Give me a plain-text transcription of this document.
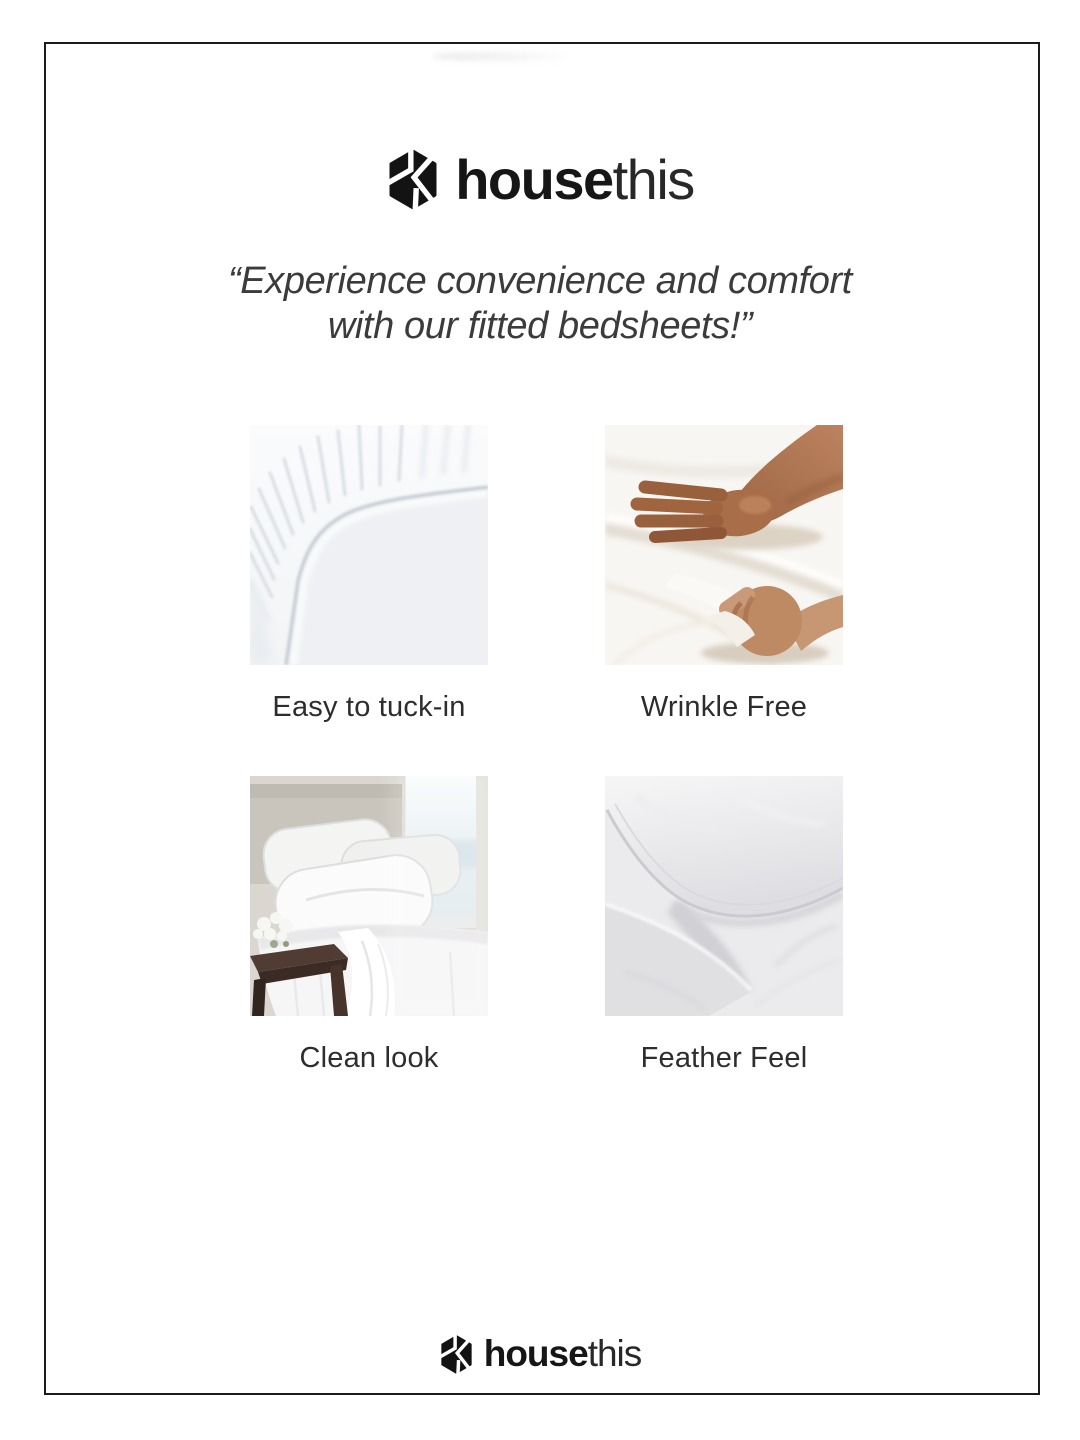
house this
“Experience convenience and comfort
with our fitted bedsheets!”
Easy to tuck-in	Wrinkle Free
Clean look	Feather Feel
house this
